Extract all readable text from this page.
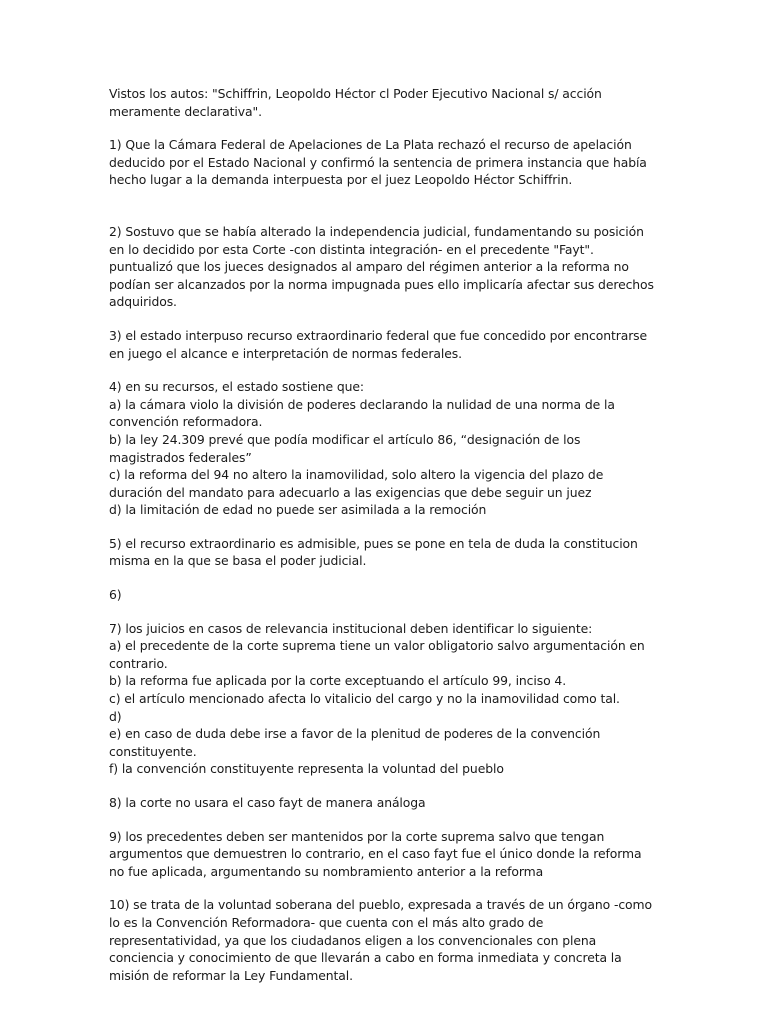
Vistos los autos: "Schiffrin, Leopoldo Héctor cl Poder Ejecutivo Nacional s/ acción meramente declarativa".

1) Que la Cámara Federal de Apelaciones de La Plata rechazó el recurso de apelación deducido por el Estado Nacional y confirmó la sentencia de primera instancia que había hecho lugar a la demanda interpuesta por el juez Leopoldo Héctor Schiffrin.

2) Sostuvo que se había alterado la independencia judicial, fundamentando su posición en lo decidido por esta Corte -con distinta integración- en el precedente "Fayt". puntualizó que los jueces designados al amparo del régimen anterior a la reforma no podían ser alcanzados por la norma impugnada pues ello implicaría afectar sus derechos adquiridos.

3) el estado interpuso recurso extraordinario federal que fue concedido por encontrarse en juego el alcance e interpretación de normas federales.

4) en su recursos, el estado sostiene que:
a) la cámara violo la división de poderes declarando la nulidad de una norma de la convención reformadora.
b) la ley 24.309 prevé que podía modificar el artículo 86, “designación de los magistrados federales”
c) la reforma del 94 no altero la inamovilidad, solo altero la vigencia del plazo de duración del mandato para adecuarlo a las exigencias que debe seguir un juez
d) la limitación de edad no puede ser asimilada a la remoción

5) el recurso extraordinario es admisible, pues se pone en tela de duda la constitucion misma en la que se basa el poder judicial.

6)

7) los juicios en casos de relevancia institucional deben identificar lo siguiente:
a) el precedente de la corte suprema tiene un valor obligatorio salvo argumentación en contrario.
b) la reforma fue aplicada por la corte exceptuando el artículo 99, inciso 4.
c) el artículo mencionado afecta lo vitalicio del cargo y no la inamovilidad como tal.
d)
e) en caso de duda debe irse a favor de la plenitud de poderes de la convención constituyente.
f) la convención constituyente representa la voluntad del pueblo

8) la corte no usara el caso fayt de manera análoga

9) los precedentes deben ser mantenidos por la corte suprema salvo que tengan argumentos que demuestren lo contrario, en el caso fayt fue el único donde la reforma no fue aplicada, argumentando su nombramiento anterior a la reforma

10) se trata de la voluntad soberana del pueblo, expresada a través de un órgano -como lo es la Convención Reformadora- que cuenta con el más alto grado de representatividad, ya que los ciudadanos eligen a los convencionales con plena conciencia y conocimiento de que llevarán a cabo en forma inmediata y concreta la misión de reformar la Ley Fundamental.
